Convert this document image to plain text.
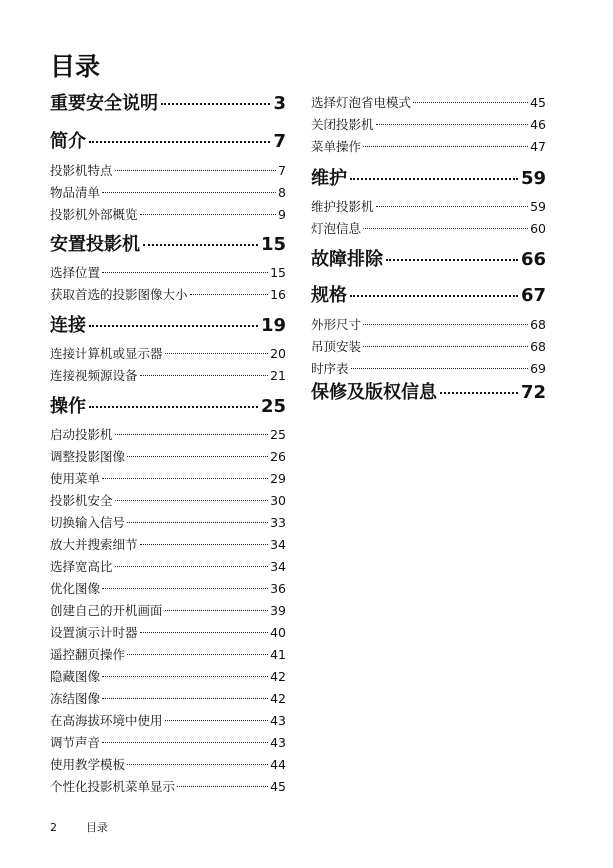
目录
重要安全说明	3
简介	7
投影机特点	7
物品清单	8
投影机外部概览	9
安置投影机	15
选择位置	15
获取首选的投影图像大小	16
连接	19
连接计算机或显示器	20
连接视频源设备	21
操作	25
启动投影机	25
调整投影图像	26
使用菜单	29
投影机安全	30
切换输入信号	33
放大并搜索细节	34
选择宽高比	34
优化图像	36
创建自己的开机画面	39
设置演示计时器	40
遥控翻页操作	41
隐藏图像	42
冻结图像	42
在高海拔环境中使用	43
调节声音	43
使用教学模板	44
个性化投影机菜单显示	45
选择灯泡省电模式	45
关闭投影机	46
菜单操作	47
维护	59
维护投影机	59
灯泡信息	60
故障排除	66
规格	67
外形尺寸	68
吊顶安装	68
时序表	69
保修及版权信息	72
2	目录
